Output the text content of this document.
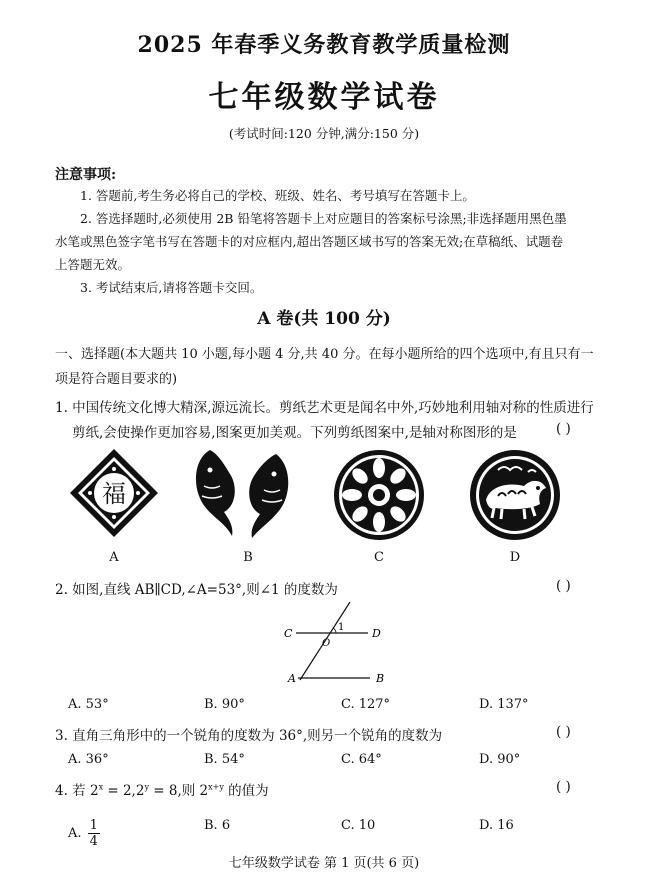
2025 年春季义务教育教学质量检测
七年级数学试卷
(考试时间:120 分钟,满分:150 分)
注意事项:
1. 答题前,考生务必将自己的学校、班级、姓名、考号填写在答题卡上。
2. 答选择题时,必须使用 2B 铅笔将答题卡上对应题目的答案标号涂黑;非选择题用黑色墨
水笔或黑色签字笔书写在答题卡的对应框内,超出答题区域书写的答案无效;在草稿纸、试题卷
上答题无效。
3. 考试结束后,请将答题卡交回。
A 卷(共 100 分)
一、选择题(本大题共 10 小题,每小题 4 分,共 40 分。在每小题所给的四个选项中,有且只有一
项是符合题目要求的)
1. 中国传统文化博大精深,源远流长。剪纸艺术更是闻名中外,巧妙地利用轴对称的性质进行
剪纸,会使操作更加容易,图案更加美观。下列剪纸图案中,是轴对称图形的是	( )
福
A	B	C	D
2. 如图,直线 AB∥CD,∠A=53°,则∠1 的度数为	( )
C	D
A	B
O
1
A. 53°	B. 90°	C. 127°	D. 137°
3. 直角三角形中的一个锐角的度数为 36°,则另一个锐角的度数为	( )
A. 36°	B. 54°	C. 64°	D. 90°
4. 若 $2^x = 2,2^y = 8$,则 $2^{x+y}$ 的值为	( )
A. $\frac{1}{4}$	B. 6	C. 10	D. 16
七年级数学试卷 第 1 页(共 6 页)
